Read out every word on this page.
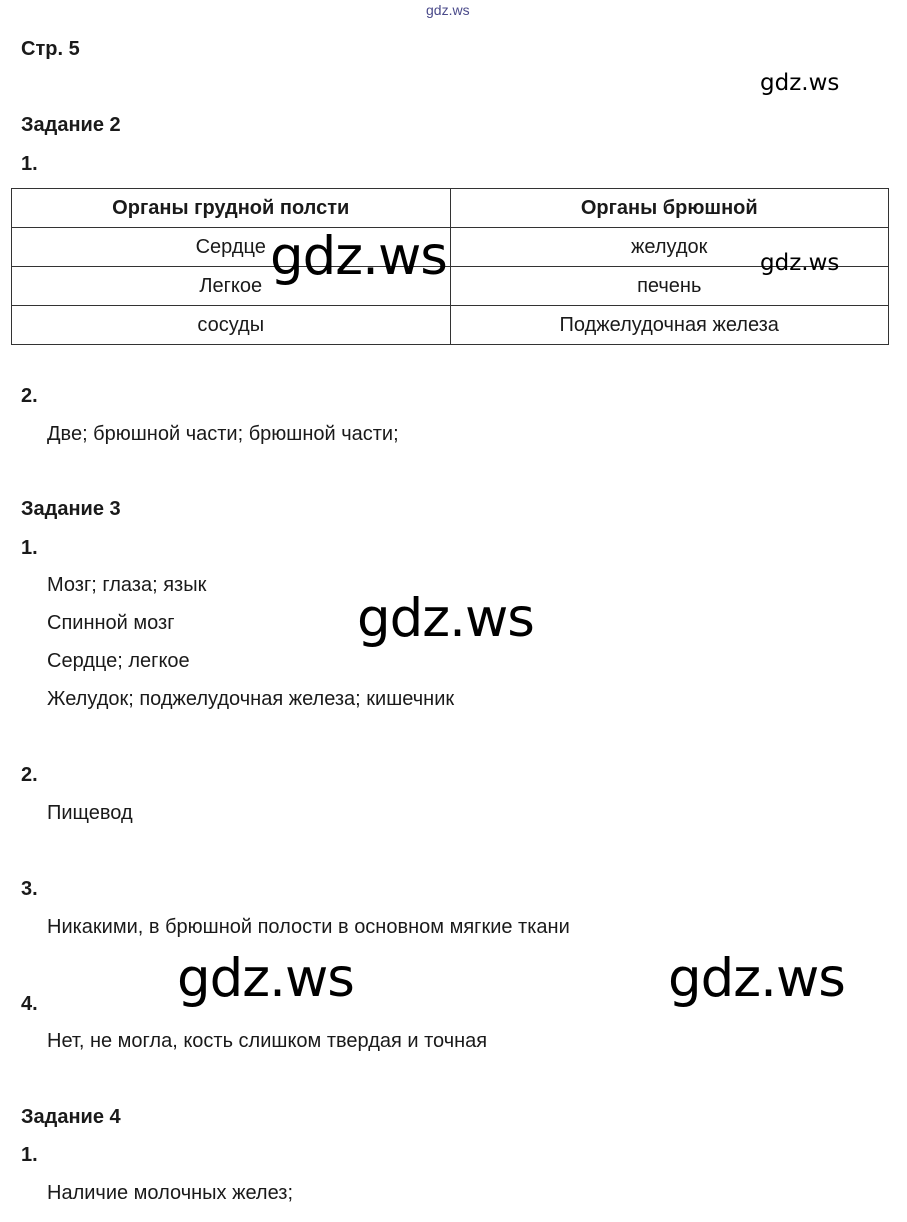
gdz.ws
Стр. 5
gdz.ws
Задание 2
1.
Органы грудной полсти	Органы брюшной
Сердце	желудок
Легкое	печень
сосуды	Поджелудочная железа
gdz.ws	gdz.ws
2.
Две; брюшной части; брюшной части;
Задание 3
1.
Мозг; глаза; язык
Спинной мозг
Сердце; легкое
Желудок; поджелудочная железа; кишечник
gdz.ws
2.
Пищевод
3.
Никакими, в брюшной полости в основном мягкие ткани
gdz.ws	gdz.ws
4.
Нет, не могла, кость слишком твердая и точная
Задание 4
1.
Наличие молочных желез;
